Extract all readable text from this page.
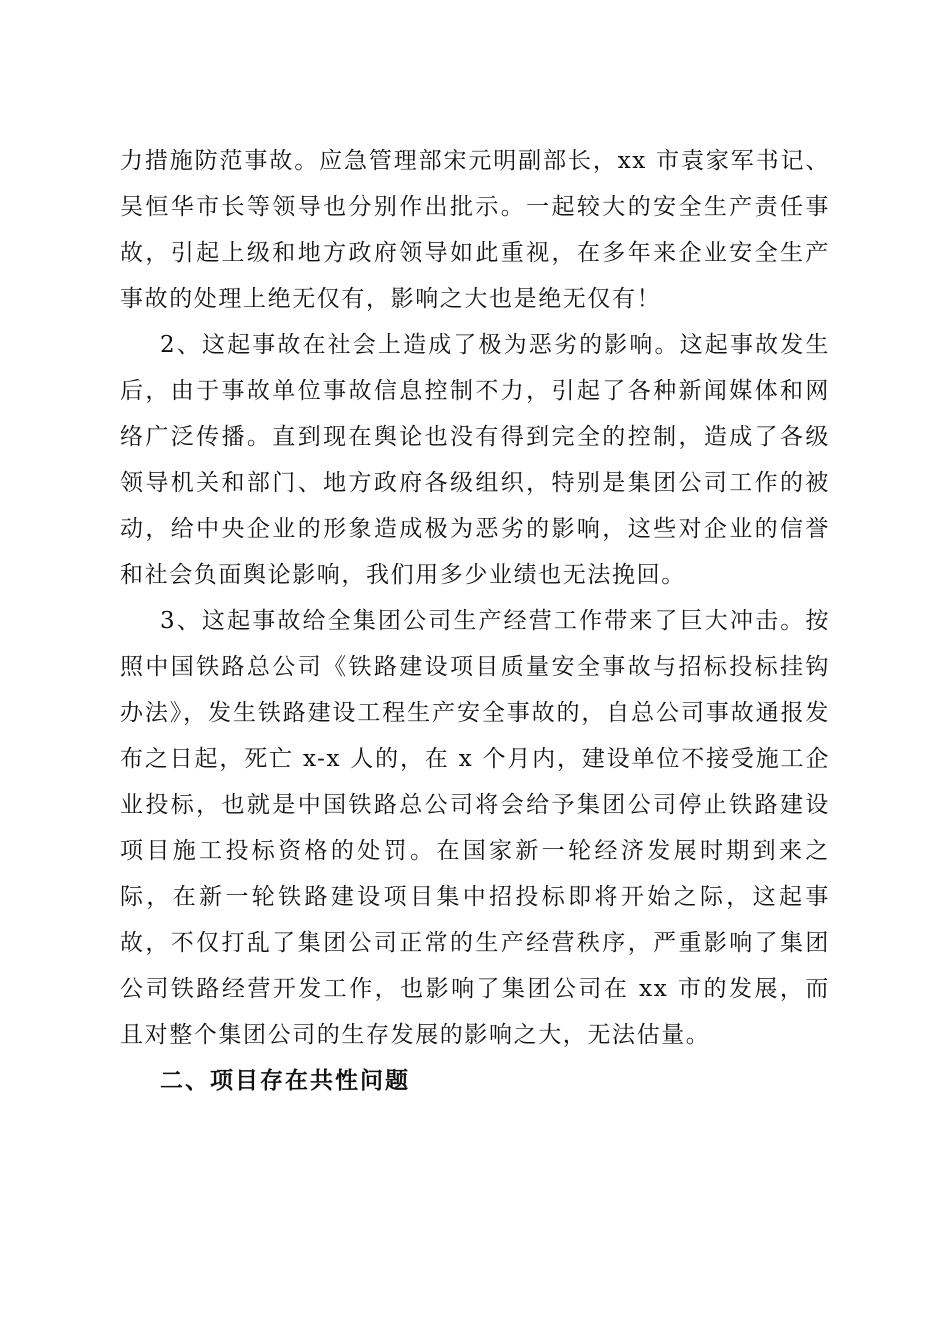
力措施防范事故。应急管理部宋元明副部长，xx 市袁家军书记、吴恒华市长等领导也分别作出批示。一起较大的安全生产责任事故，引起上级和地方政府领导如此重视，在多年来企业安全生产事故的处理上绝无仅有，影响之大也是绝无仅有！

2、这起事故在社会上造成了极为恶劣的影响。这起事故发生后，由于事故单位事故信息控制不力，引起了各种新闻媒体和网络广泛传播。直到现在舆论也没有得到完全的控制，造成了各级领导机关和部门、地方政府各级组织，特别是集团公司工作的被动，给中央企业的形象造成极为恶劣的影响，这些对企业的信誉和社会负面舆论影响，我们用多少业绩也无法挽回。

3、这起事故给全集团公司生产经营工作带来了巨大冲击。按照中国铁路总公司《铁路建设项目质量安全事故与招标投标挂钩办法》，发生铁路建设工程生产安全事故的，自总公司事故通报发布之日起，死亡 x-x 人的，在 x 个月内，建设单位不接受施工企业投标，也就是中国铁路总公司将会给予集团公司停止铁路建设项目施工投标资格的处罚。在国家新一轮经济发展时期到来之际，在新一轮铁路建设项目集中招投标即将开始之际，这起事故，不仅打乱了集团公司正常的生产经营秩序，严重影响了集团公司铁路经营开发工作，也影响了集团公司在 xx 市的发展，而且对整个集团公司的生存发展的影响之大，无法估量。

二、项目存在共性问题
